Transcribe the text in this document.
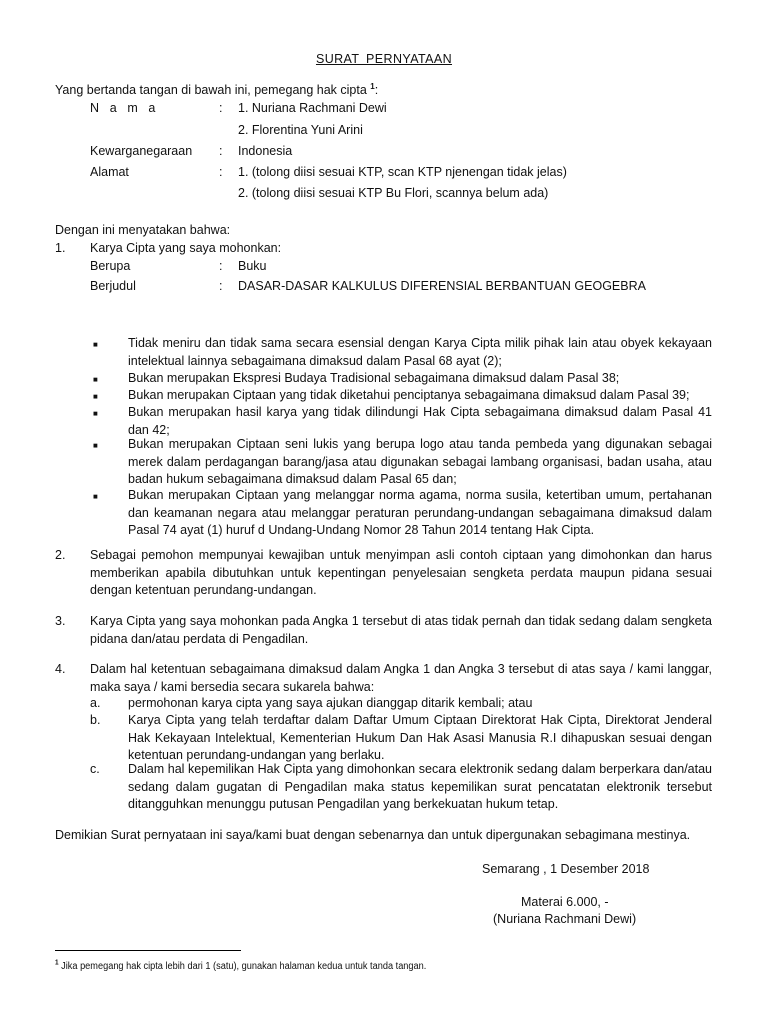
SURAT PERNYATAAN
Yang bertanda tangan di bawah ini, pemegang hak cipta $^1$:
N a m a	: 1. Nuriana Rachmani Dewi
2. Florentina Yuni Arini
Kewarganegaraan : Indonesia
Alamat	: 1. (tolong diisi sesuai KTP, scan KTP njenengan tidak jelas)
2. (tolong diisi sesuai KTP Bu Flori, scannya belum ada)
Dengan ini menyatakan bahwa:
1. Karya Cipta yang saya mohonkan:
Berupa	: Buku
Berjudul	: DASAR-DASAR KALKULUS DIFERENSIAL BERBANTUAN GEOGEBRA
■ Tidak meniru dan tidak sama secara esensial dengan Karya Cipta milik pihak lain atau obyek kekayaan intelektual lainnya sebagaimana dimaksud dalam Pasal 68 ayat (2);
■ Bukan merupakan Ekspresi Budaya Tradisional sebagaimana dimaksud dalam Pasal 38;
■ Bukan merupakan Ciptaan yang tidak diketahui penciptanya sebagaimana dimaksud dalam Pasal 39;
■ Bukan merupakan hasil karya yang tidak dilindungi Hak Cipta sebagaimana dimaksud dalam Pasal 41 dan 42;
■ Bukan merupakan Ciptaan seni lukis yang berupa logo atau tanda pembeda yang digunakan sebagai merek dalam perdagangan barang/jasa atau digunakan sebagai lambang organisasi, badan usaha, atau badan hukum sebagaimana dimaksud dalam Pasal 65 dan;
■ Bukan merupakan Ciptaan yang melanggar norma agama, norma susila, ketertiban umum, pertahanan dan keamanan negara atau melanggar peraturan perundang-undangan sebagaimana dimaksud dalam Pasal 74 ayat (1) huruf d Undang-Undang Nomor 28 Tahun 2014 tentang Hak Cipta.
2. Sebagai pemohon mempunyai kewajiban untuk menyimpan asli contoh ciptaan yang dimohonkan dan harus memberikan apabila dibutuhkan untuk kepentingan penyelesaian sengketa perdata maupun pidana sesuai dengan ketentuan perundang-undangan.
3. Karya Cipta yang saya mohonkan pada Angka 1 tersebut di atas tidak pernah dan tidak sedang dalam sengketa pidana dan/atau perdata di Pengadilan.
4. Dalam hal ketentuan sebagaimana dimaksud dalam Angka 1 dan Angka 3 tersebut di atas saya / kami langgar, maka saya / kami bersedia secara sukarela bahwa:
a. permohonan karya cipta yang saya ajukan dianggap ditarik kembali; atau
b. Karya Cipta yang telah terdaftar dalam Daftar Umum Ciptaan Direktorat Hak Cipta, Direktorat Jenderal Hak Kekayaan Intelektual, Kementerian Hukum Dan Hak Asasi Manusia R.I dihapuskan sesuai dengan ketentuan perundang-undangan yang berlaku.
c. Dalam hal kepemilikan Hak Cipta yang dimohonkan secara elektronik sedang dalam berperkara dan/atau sedang dalam gugatan di Pengadilan maka status kepemilikan surat pencatatan elektronik tersebut ditangguhkan menunggu putusan Pengadilan yang berkekuatan hukum tetap.
Demikian Surat pernyataan ini saya/kami buat dengan sebenarnya dan untuk dipergunakan sebagimana mestinya.
Semarang , 1 Desember 2018
Materai 6.000, -
(Nuriana Rachmani Dewi)
$^1$ Jika pemegang hak cipta lebih dari 1 (satu), gunakan halaman kedua untuk tanda tangan.
